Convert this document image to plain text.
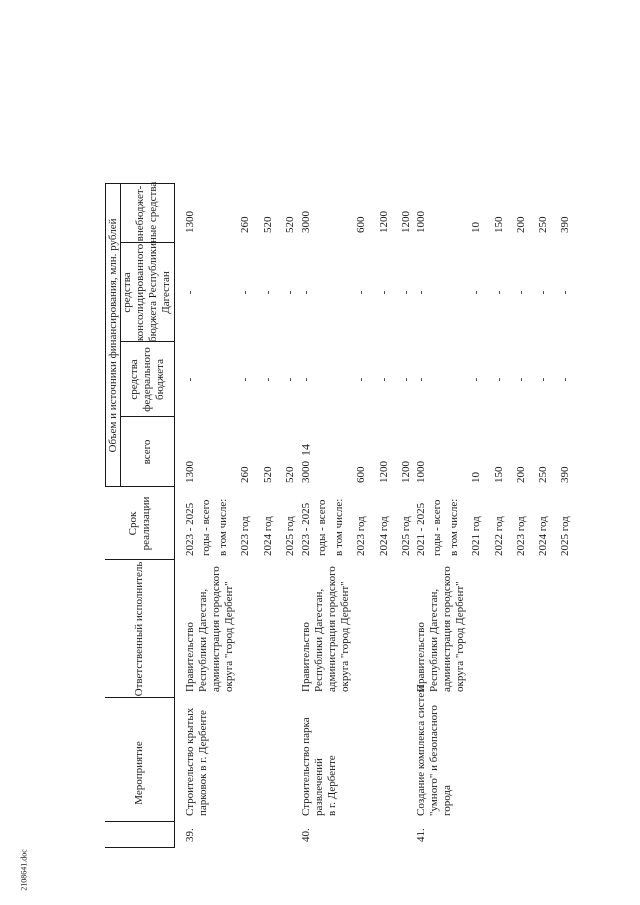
14
2108641.doc
Объем и источники финансирования, млн. рублей
Мероприятие
Ответственный исполнитель
Срок реализации
всего
средства федерального бюджета
средства консолидированного бюджета Республики Дагестан
внебюджет- ные средства
39.
Строительство крытых парковок в г. Дербенте
Правительство Республики Дагестан, администрация городского округа "город Дербент"
2023 - 2025
1300
-
-
1300
годы - всего в том числе: 2023 год
260
-
-
260
2024 год
520
-
-
520
2025 год
520
-
-
520
40.
Строительство парка развлечений в г. Дербенте
Правительство Республики Дагестан, администрация городского округа "город Дербент"
2023 - 2025
3000
-
-
3000
годы - всего в том числе: 2023 год
600
-
-
600
2024 год
1200
-
-
1200
2025 год
1200
-
-
1200
41.
Создание комплекса систем "умного" и безопасного города
Правительство Республики Дагестан, администрация городского округа "город Дербент"
2021 - 2025
1000
-
-
1000
годы - всего в том числе: 2021 год
10
-
-
10
2022 год
150
-
-
150
2023 год
200
-
-
200
2024 год
250
-
-
250
2025 год
390
-
-
390
